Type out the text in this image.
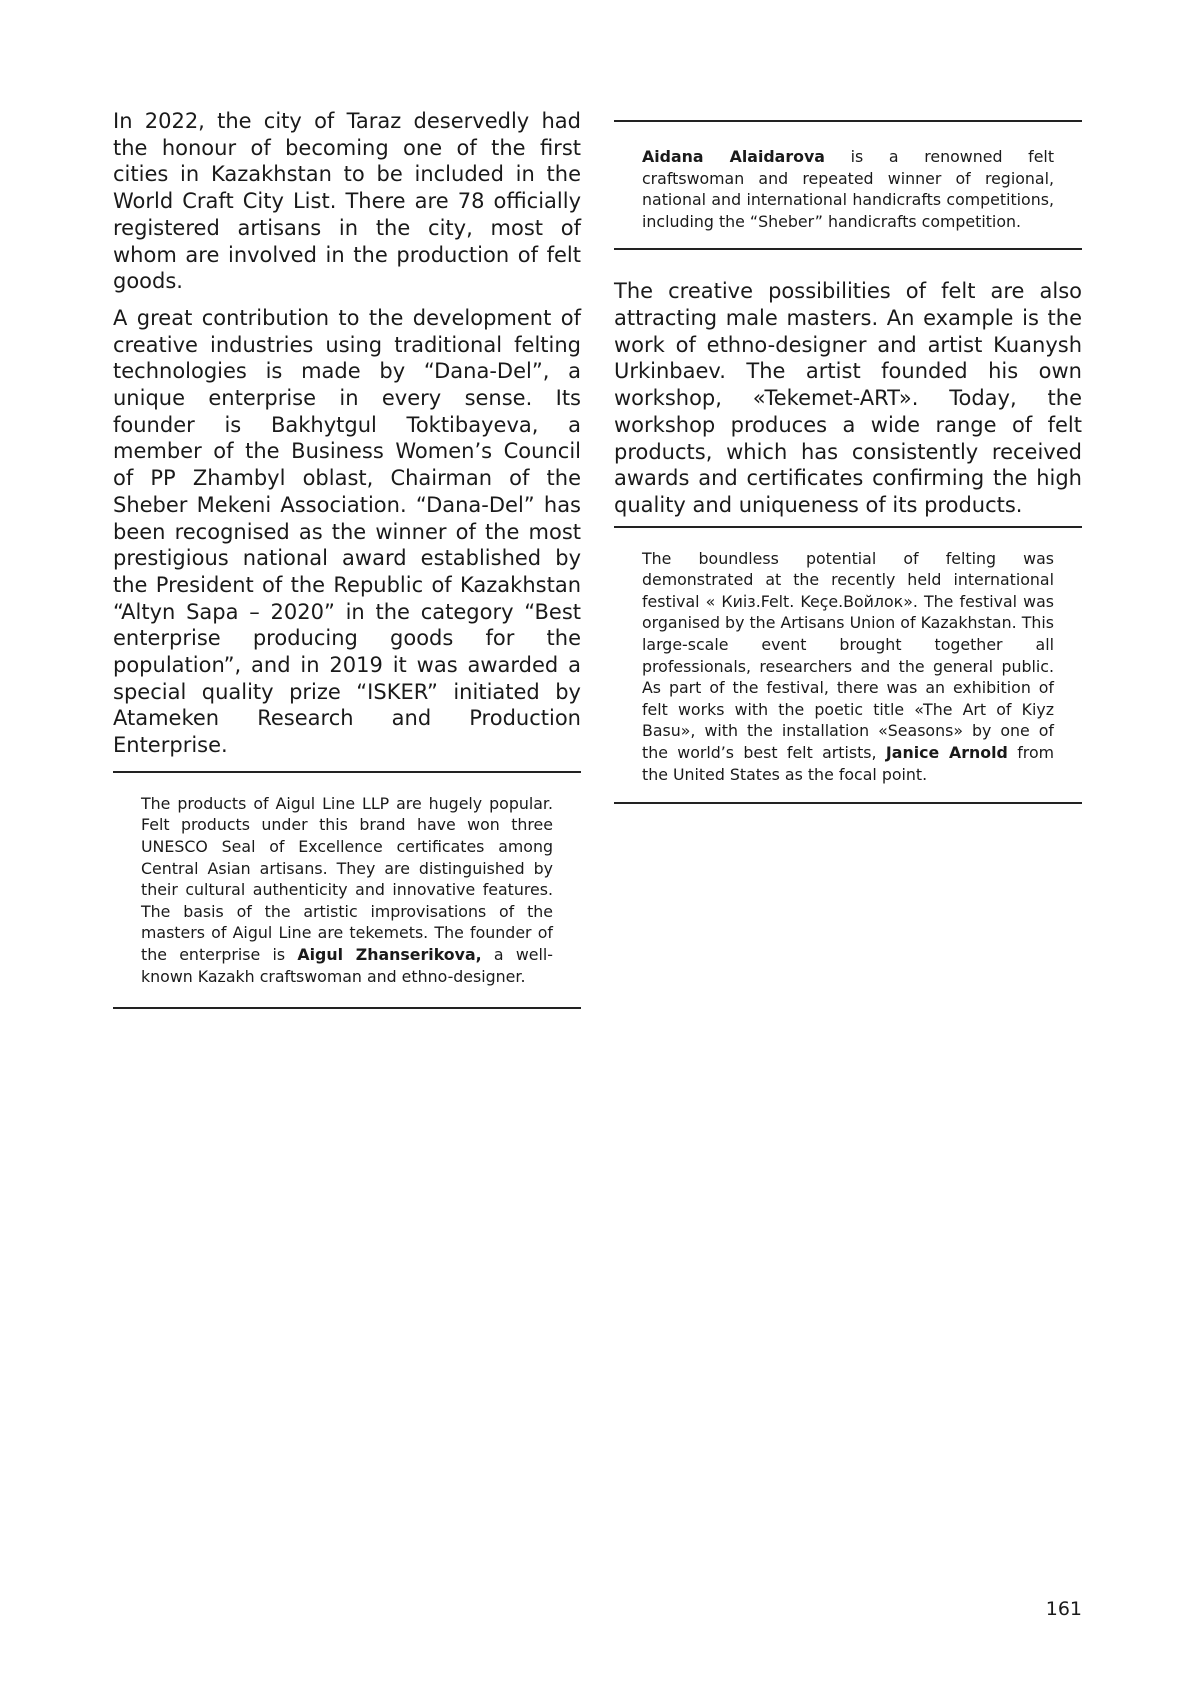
In 2022, the city of Taraz deservedly had the honour of becoming one of the first cities in Kazakhstan to be included in the World Craft City List. There are 78 officially registered artisans in the city, most of whom are involved in the production of felt goods.

A great contribution to the development of creative industries using traditional felting technologies is made by “Dana-Del”, a unique enterprise in every sense. Its founder is Bakhytgul Toktibayeva, a member of the Business Women’s Council of PP Zhambyl oblast, Chairman of the Sheber Mekeni Association. “Dana-Del” has been recognised as the winner of the most prestigious national award established by the President of the Republic of Kazakhstan “Altyn Sapa – 2020” in the category “Best enterprise producing goods for the population”, and in 2019 it was awarded a special quality prize “ISKER” initiated by Atameken Research and Production Enterprise.

The products of Aigul Line LLP are hugely popular. Felt products under this brand have won three UNESCO Seal of Excellence certificates among Central Asian artisans. They are distinguished by their cultural authenticity and innovative features. The basis of the artistic improvisations of the masters of Aigul Line are tekemets. The founder of the enterprise is Aigul Zhanserikova, a well-known Kazakh craftswoman and ethno-designer.

Aidana Alaidarova is a renowned felt craftswoman and repeated winner of regional, national and international handicrafts competitions, including the “Sheber” handicrafts competition.

The creative possibilities of felt are also attracting male masters. An example is the work of ethno-designer and artist Kuanysh Urkinbaev. The artist founded his own workshop, «Tekemet-ART». Today, the workshop produces a wide range of felt products, which has consistently received awards and certificates confirming the high quality and uniqueness of its products.

The boundless potential of felting was demonstrated at the recently held international festival « Киіз.Felt. Keçe.Войлок». The festival was organised by the Artisans Union of Kazakhstan. This large-scale event brought together all professionals, researchers and the general public. As part of the festival, there was an exhibition of felt works with the poetic title «The Art of Kiyz Basu», with the installation «Seasons» by one of the world’s best felt artists, Janice Arnold from the United States as the focal point.

161
